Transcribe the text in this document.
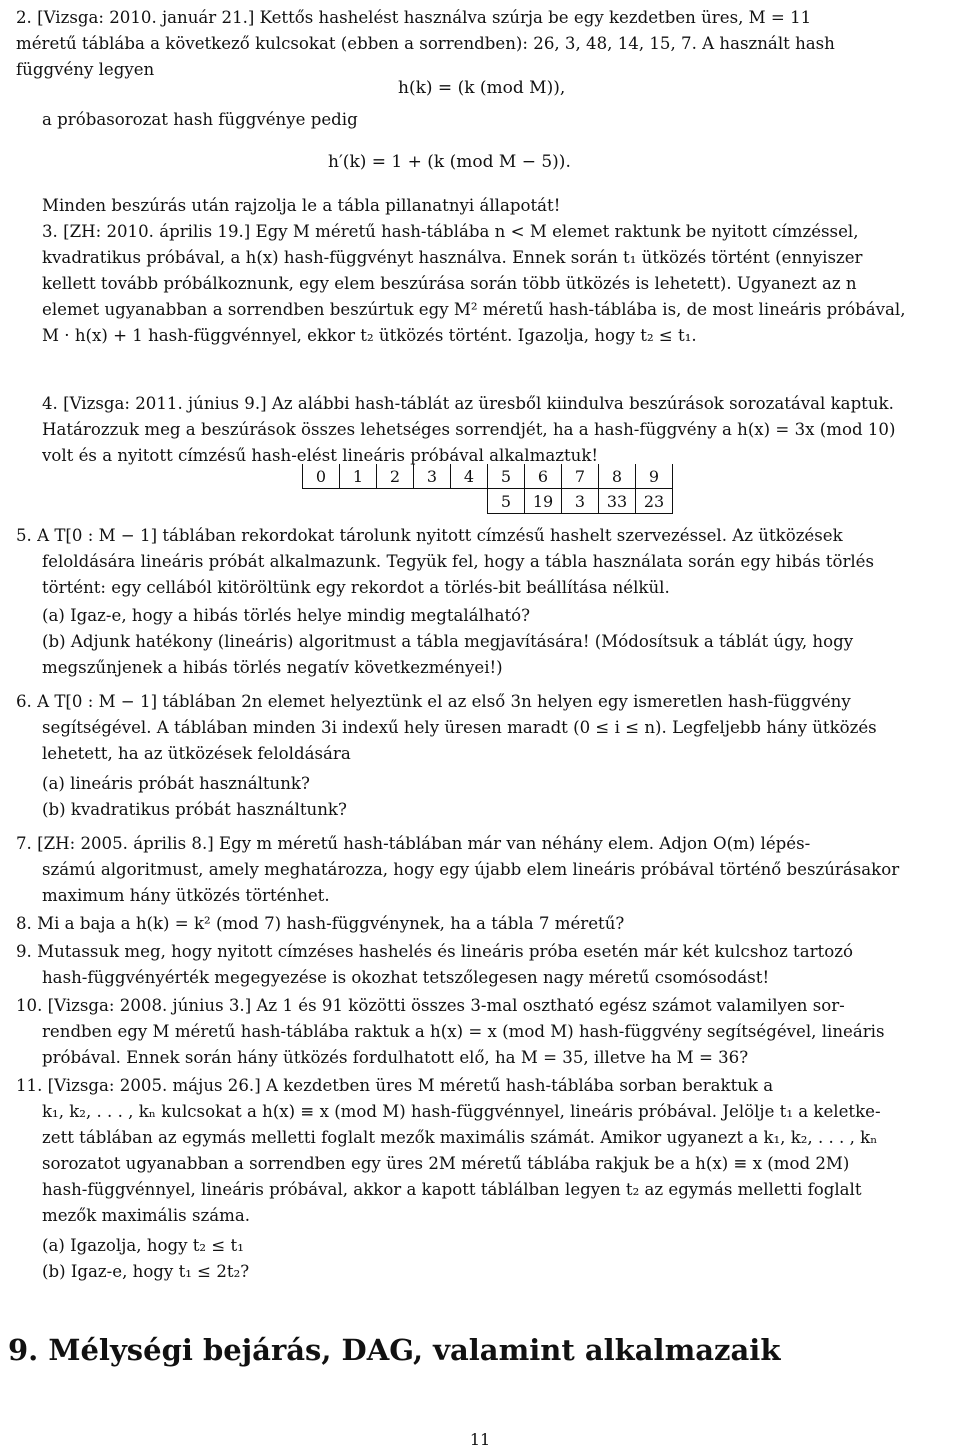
2. [Vizsga: 2010. január 21.] Kettős hashelést használva szúrja be egy kezdetben üres, M = 11
méretű táblába a következő kulcsokat (ebben a sorrendben): 26, 3, 48, 14, 15, 7. A használt hash
függvény legyen
a próbasorozat hash függvénye pedig
Minden beszúrás után rajzolja le a tábla pillanatnyi állapotát!
3. [ZH: 2010. április 19.] Egy M méretű hash-táblába n < M elemet raktunk be nyitott címzéssel,
kvadratikus próbával, a h(x) hash-függvényt használva. Ennek során t₁ ütközés történt (ennyiszer
kellett tovább próbálkoznunk, egy elem beszúrása során több ütközés is lehetett). Ugyanezt az n
elemet ugyanabban a sorrendben beszúrtuk egy M² méretű hash-táblába is, de most lineáris próbával,
M · h(x) + 1 hash-függvénnyel, ekkor t₂ ütközés történt. Igazolja, hogy t₂ ≤ t₁.
4. [Vizsga: 2011. június 9.] Az alábbi hash-táblát az üresből kiindulva beszúrások sorozatával kaptuk.
Határozzuk meg a beszúrások összes lehetséges sorrendjét, ha a hash-függvény a h(x) = 3x (mod 10)
volt és a nyitott címzésű hash-elést lineáris próbával alkalmaztuk!
5. A T[0 : M − 1] táblában rekordokat tárolunk nyitott címzésű hashelt szervezéssel. Az ütközések
feloldására lineáris próbát alkalmazunk. Tegyük fel, hogy a tábla használata során egy hibás törlés
történt: egy cellából kitöröltünk egy rekordot a törlés-bit beállítása nélkül.
(a) Igaz-e, hogy a hibás törlés helye mindig megtalálható?
(b) Adjunk hatékony (lineáris) algoritmust a tábla megjavítására! (Módosítsuk a táblát úgy, hogy
megszűnjenek a hibás törlés negatív következményei!)
6. A T[0 : M − 1] táblában 2n elemet helyeztünk el az első 3n helyen egy ismeretlen hash-függvény
segítségével. A táblában minden 3i indexű hely üresen maradt (0 ≤ i ≤ n). Legfeljebb hány ütközés
lehetett, ha az ütközések feloldására
(a) lineáris próbát használtunk?
(b) kvadratikus próbát használtunk?
7. [ZH: 2005. április 8.] Egy m méretű hash-táblában már van néhány elem. Adjon O(m) lépés-
számú algoritmust, amely meghatározza, hogy egy újabb elem lineáris próbával történő beszúrásakor
maximum hány ütközés történhet.
8. Mi a baja a h(k) = k² (mod 7) hash-függvénynek, ha a tábla 7 méretű?
9. Mutassuk meg, hogy nyitott címzéses hashelés és lineáris próba esetén már két kulcshoz tartozó
hash-függvényérték megegyezése is okozhat tetszőlegesen nagy méretű csomósodást!
10. [Vizsga: 2008. június 3.] Az 1 és 91 közötti összes 3-mal osztható egész számot valamilyen sor-
rendben egy M méretű hash-táblába raktuk a h(x) = x (mod M) hash-függvény segítségével, lineáris
próbával. Ennek során hány ütközés fordulhatott elő, ha M = 35, illetve ha M = 36?
11. [Vizsga: 2005. május 26.] A kezdetben üres M méretű hash-táblába sorban beraktuk a
k₁, k₂, . . . , kₙ kulcsokat a h(x) ≡ x (mod M) hash-függvénnyel, lineáris próbával. Jelölje t₁ a keletke-
zett táblában az egymás melletti foglalt mezők maximális számát. Amikor ugyanezt a k₁, k₂, . . . , kₙ
sorozatot ugyanabban a sorrendben egy üres 2M méretű táblába rakjuk be a h(x) ≡ x (mod 2M)
hash-függvénnyel, lineáris próbával, akkor a kapott táblálban legyen t₂ az egymás melletti foglalt
mezők maximális száma.
(a) Igazolja, hogy t₂ ≤ t₁
(b) Igaz-e, hogy t₁ ≤ 2t₂?
h(k) = (k (mod M)),
h′(k) = 1 + (k (mod M − 5)).
0	1	2	3	4	5	6	7	8	9
					5	19	3	33	23
9. Mélységi bejárás, DAG, valamint alkalmazaik
11
